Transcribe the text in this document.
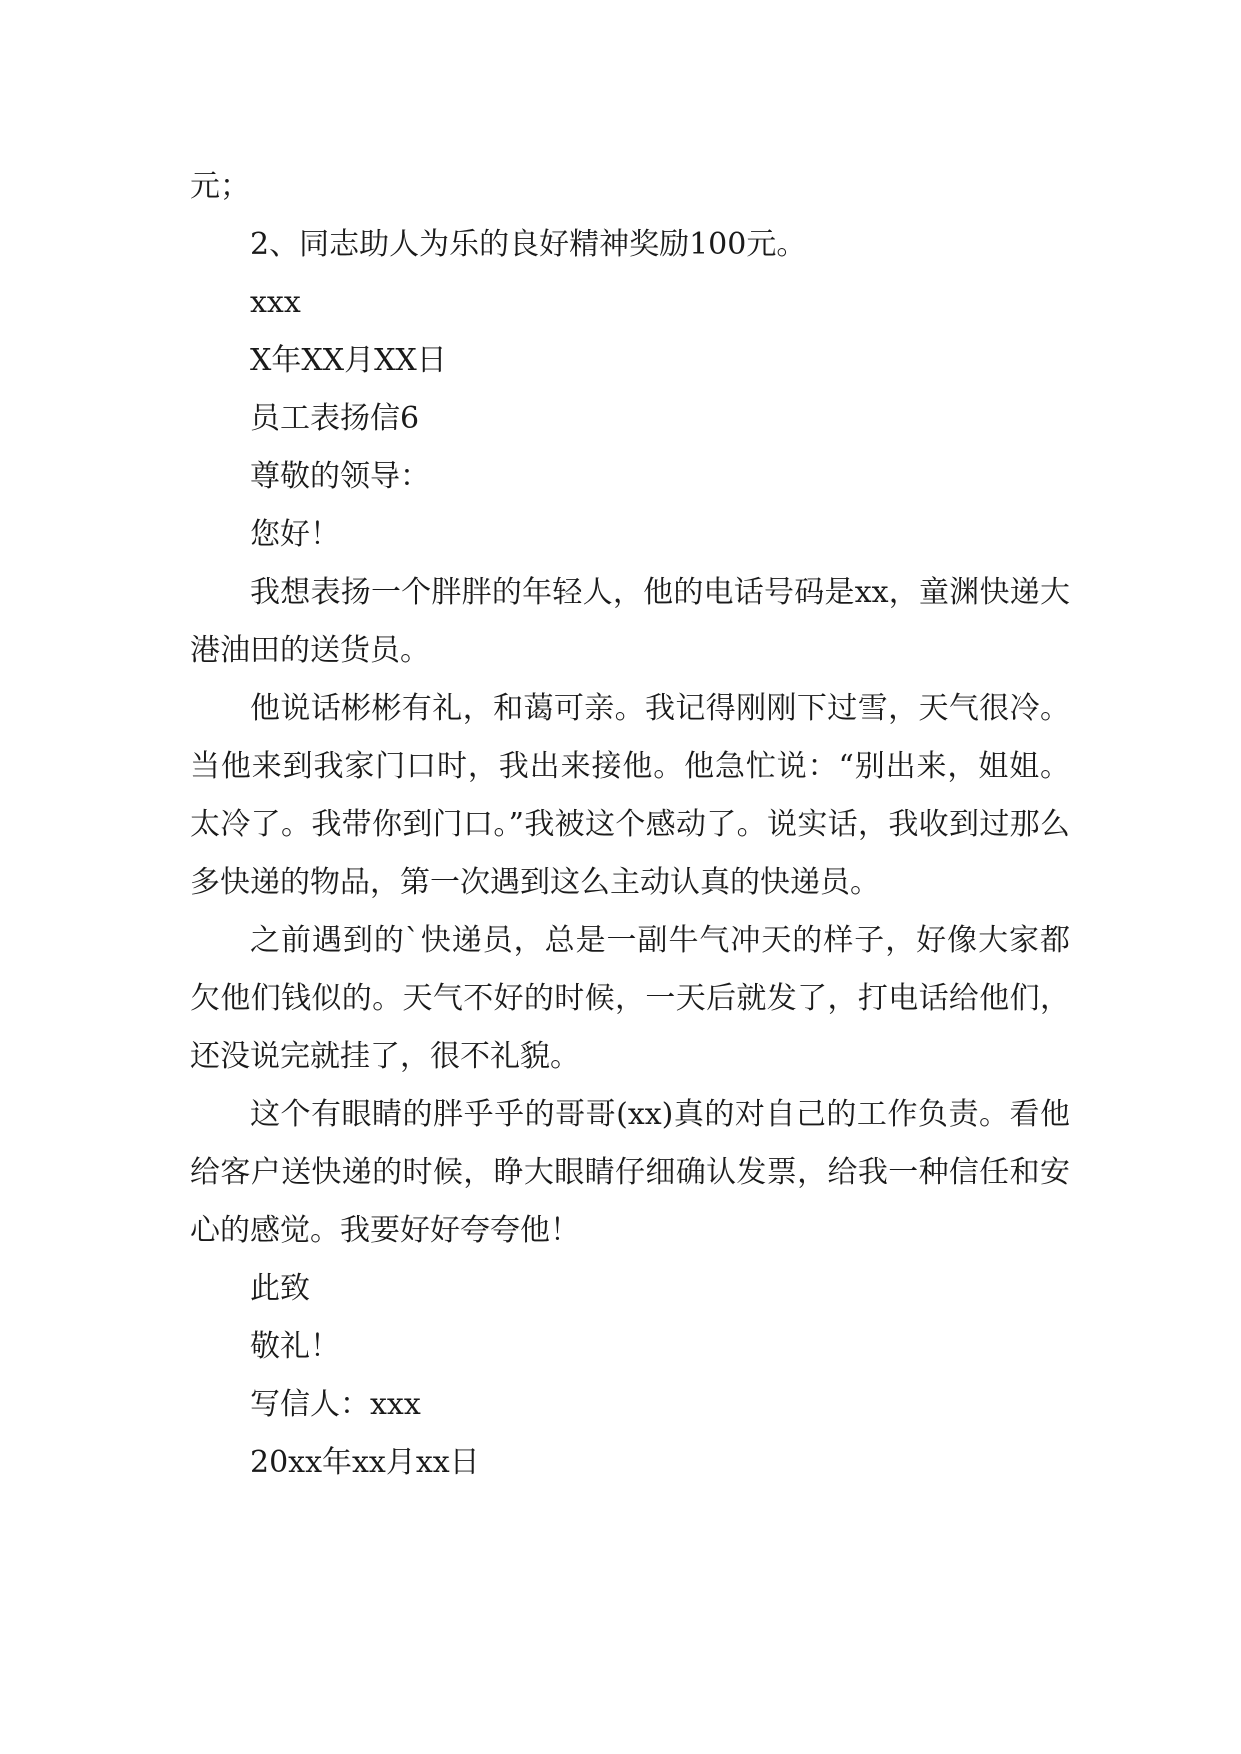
元；

2、同志助人为乐的良好精神奖励100元。

xxx

X年XX月XX日

员工表扬信6

尊敬的领导：

您好！

我想表扬一个胖胖的年轻人，他的电话号码是xx，童渊快递大港油田的送货员。

他说话彬彬有礼，和蔼可亲。我记得刚刚下过雪，天气很冷。当他来到我家门口时，我出来接他。他急忙说：“别出来，姐姐。太冷了。我带你到门口。”我被这个感动了。说实话，我收到过那么多快递的物品，第一次遇到这么主动认真的快递员。

之前遇到的`快递员，总是一副牛气冲天的样子，好像大家都欠他们钱似的。天气不好的时候，一天后就发了，打电话给他们，还没说完就挂了，很不礼貌。

这个有眼睛的胖乎乎的哥哥(xx)真的对自己的工作负责。看他给客户送快递的时候，睁大眼睛仔细确认发票，给我一种信任和安心的感觉。我要好好夸夸他！

此致

敬礼！

写信人：xxx

20xx年xx月xx日
